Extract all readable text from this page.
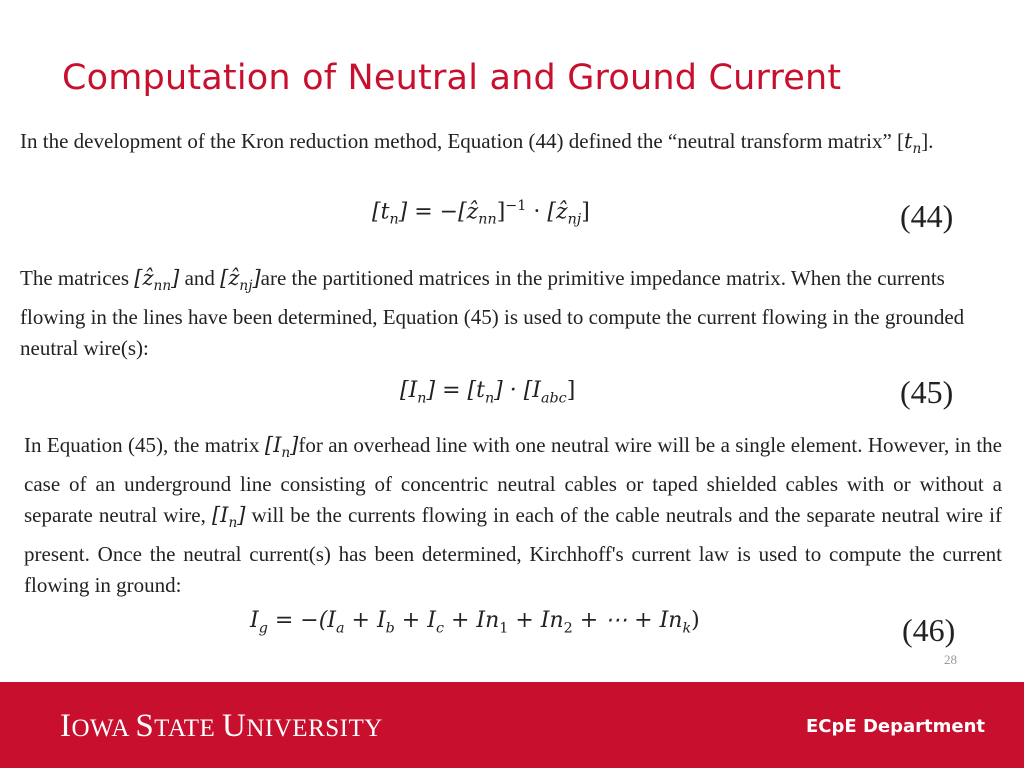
Computation of Neutral and Ground Current
In the development of the Kron reduction method, Equation (44) defined the “neutral transform matrix” $[t_n]$.
$[t_n]$ = −[ẑ$_{nn}$]$^{-1}$ · [ẑ$_{nj}$]	(44)
The matrices [ẑ$_{nn}$] and [ẑ$_{nj}$]are the partitioned matrices in the primitive impedance matrix. When the currents flowing in the lines have been determined, Equation (45) is used to compute the current flowing in the grounded neutral wire(s):
$[I_n] = [t_n] \cdot [I_{abc}]$	(45)
In Equation (45), the matrix $[I_n]for$ an overhead line with one neutral wire will be a single element. However, in the case of an underground line consisting of concentric neutral cables or taped shielded cables with or without a separate neutral wire, $[I_n]$ will be the currents flowing in each of the cable neutrals and the separate neutral wire if present. Once the neutral current(s) has been determined, Kirchhoff's current law is used to compute the current flowing in ground:
$I_g = -(I_a + I_b + I_c + In_1 + In_2$ + ⋯ + $In_k$)	(46)
28
IOWA STATE UNIVERSITY	ECpE Department
